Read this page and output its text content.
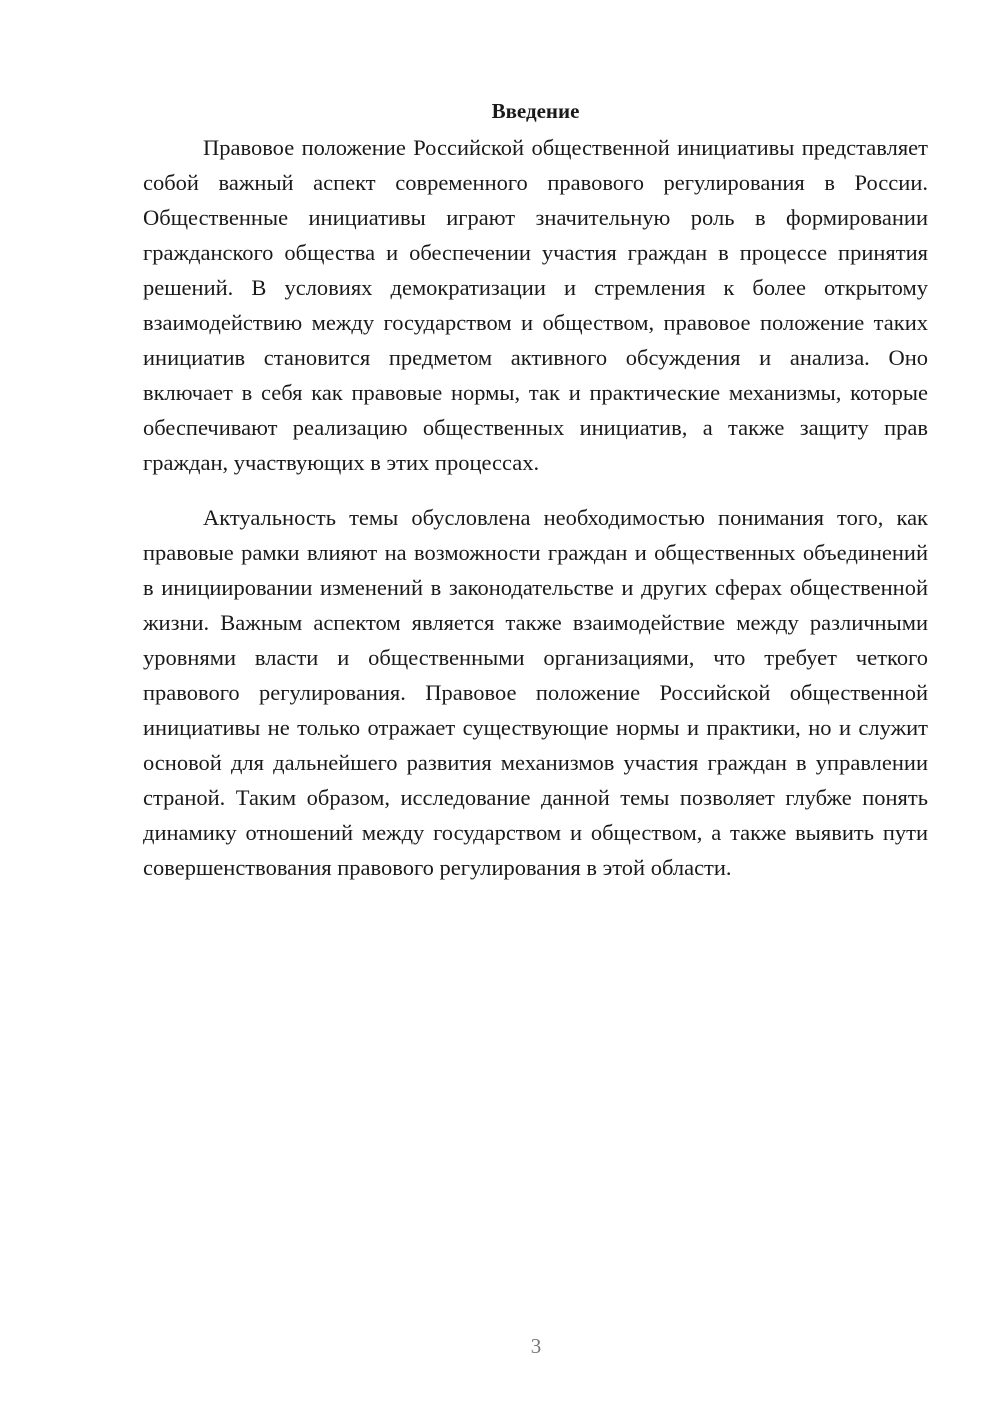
Введение

Правовое положение Российской общественной инициативы представляет собой важный аспект современного правового регулирования в России. Общественные инициативы играют значительную роль в формировании гражданского общества и обеспечении участия граждан в процессе принятия решений. В условиях демократизации и стремления к более открытому взаимодействию между государством и обществом, правовое положение таких инициатив становится предметом активного обсуждения и анализа. Оно включает в себя как правовые нормы, так и практические механизмы, которые обеспечивают реализацию общественных инициатив, а также защиту прав граждан, участвующих в этих процессах.

Актуальность темы обусловлена необходимостью понимания того, как правовые рамки влияют на возможности граждан и общественных объединений в инициировании изменений в законодательстве и других сферах общественной жизни. Важным аспектом является также взаимодействие между различными уровнями власти и общественными организациями, что требует четкого правового регулирования. Правовое положение Российской общественной инициативы не только отражает существующие нормы и практики, но и служит основой для дальнейшего развития механизмов участия граждан в управлении страной. Таким образом, исследование данной темы позволяет глубже понять динамику отношений между государством и обществом, а также выявить пути совершенствования правового регулирования в этой области.

3
